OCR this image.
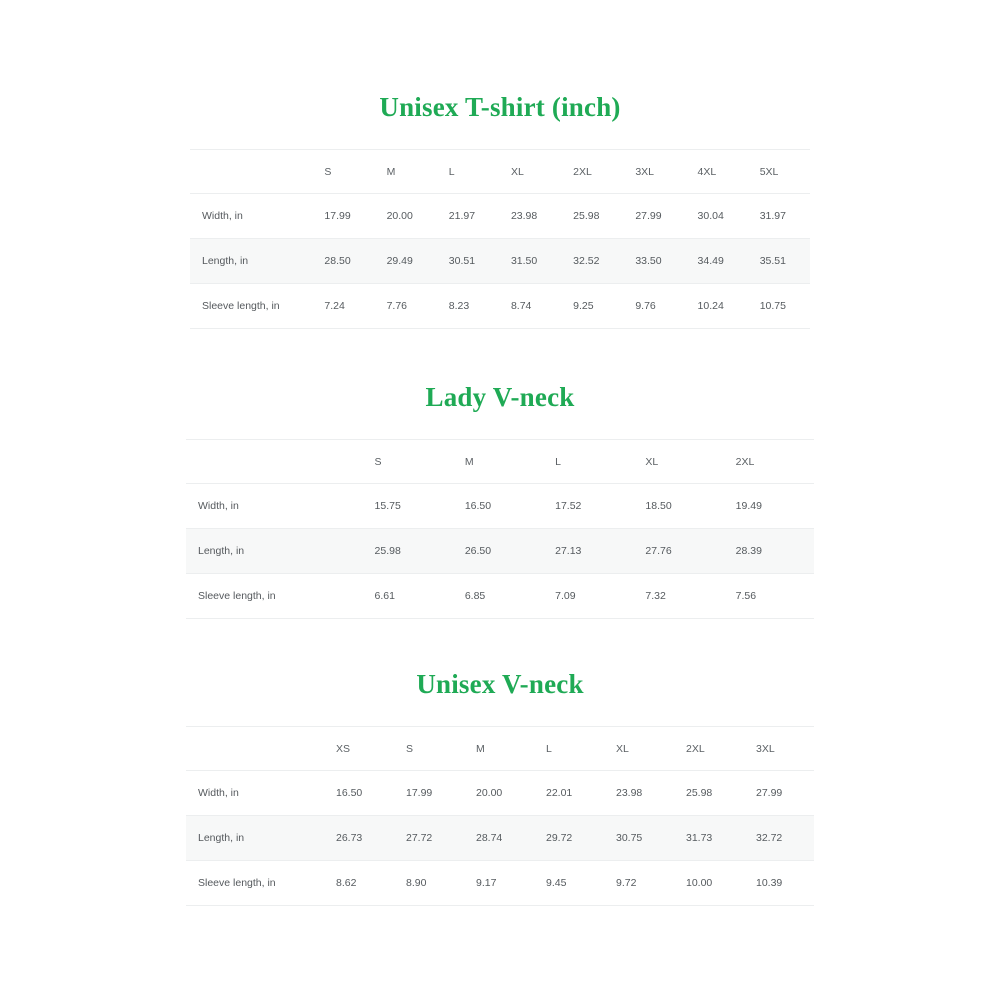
Unisex T-shirt (inch)
	S	M	L	XL	2XL	3XL	4XL	5XL
Width, in	17.99	20.00	21.97	23.98	25.98	27.99	30.04	31.97
Length, in	28.50	29.49	30.51	31.50	32.52	33.50	34.49	35.51
Sleeve length, in	7.24	7.76	8.23	8.74	9.25	9.76	10.24	10.75
Lady V-neck
	S	M	L	XL	2XL
Width, in	15.75	16.50	17.52	18.50	19.49
Length, in	25.98	26.50	27.13	27.76	28.39
Sleeve length, in	6.61	6.85	7.09	7.32	7.56
Unisex V-neck
	XS	S	M	L	XL	2XL	3XL
Width, in	16.50	17.99	20.00	22.01	23.98	25.98	27.99
Length, in	26.73	27.72	28.74	29.72	30.75	31.73	32.72
Sleeve length, in	8.62	8.90	9.17	9.45	9.72	10.00	10.39
